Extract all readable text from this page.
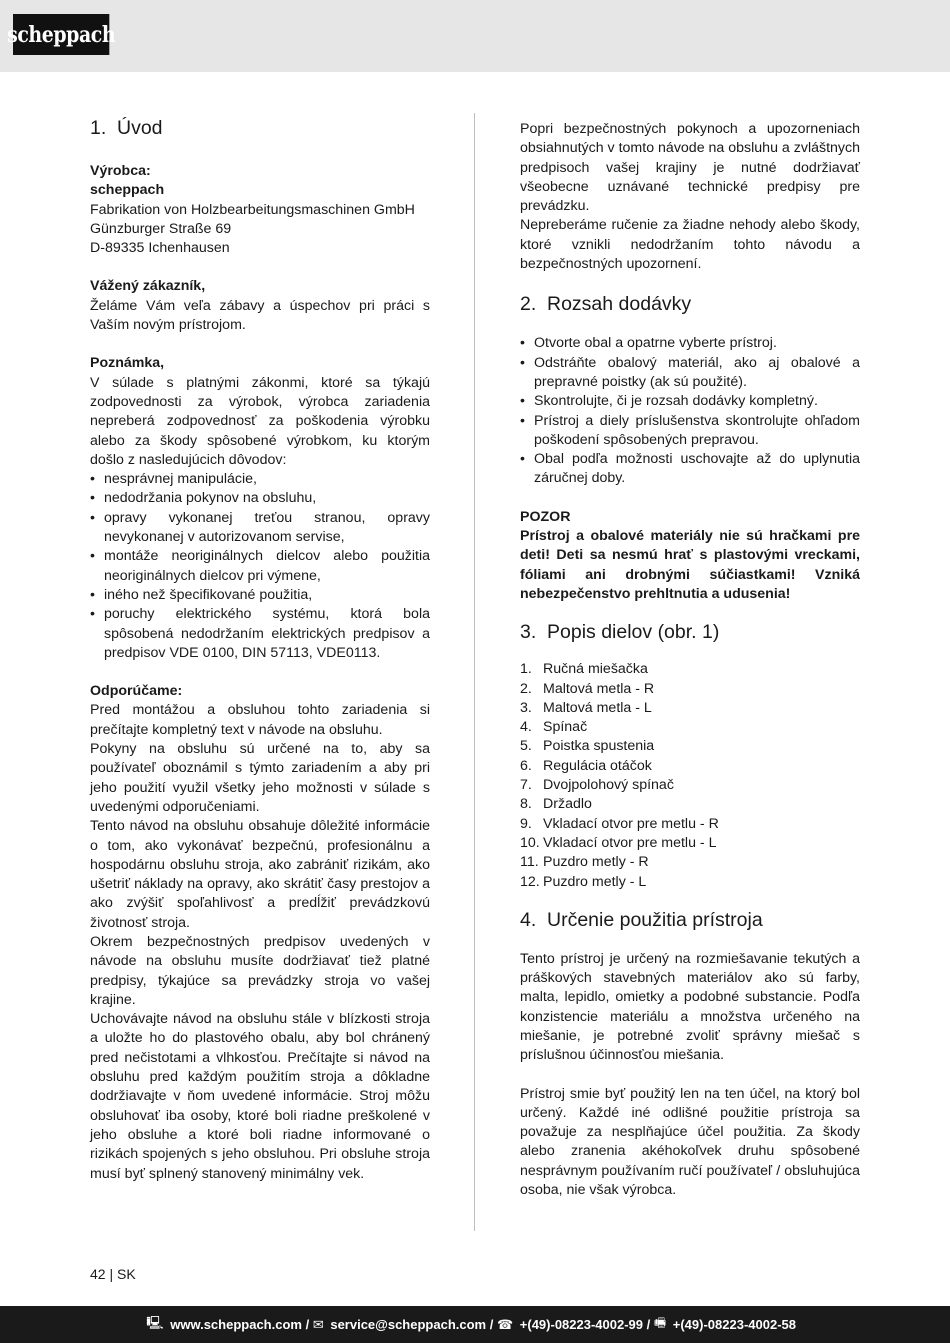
scheppach
1. Úvod

Výrobca:

scheppach

Fabrikation von Holzbearbeitungsmaschinen GmbH

Günzburger Straße 69

D-89335 Ichenhausen

Vážený zákazník,

Želáme Vám veľa zábavy a úspechov pri práci s Vaším novým prístrojom.

Poznámka,

V súlade s platnými zákonmi, ktoré sa týkajú zodpovednosti za výrobok, výrobca zariadenia nepreberá zodpovednosť za poškodenia výrobku alebo za škody spôsobené výrobkom, ku ktorým došlo z nasledujúcich dôvodov:

• nesprávnej manipulácie,
• nedodržania pokynov na obsluhu,
• opravy vykonanej treťou stranou, opravy nevykonanej v autorizovanom servise,
• montáže neoriginálnych dielcov alebo použitia neoriginálnych dielcov pri výmene,
• iného než špecifikované použitia,
• poruchy elektrického systému, ktorá bola spôsobená nedodržaním elektrických predpisov a predpisov VDE 0100, DIN 57113, VDE0113.

Odporúčame:

Pred montážou a obsluhou tohto zariadenia si prečítajte kompletný text v návode na obsluhu.

Pokyny na obsluhu sú určené na to, aby sa používateľ oboznámil s týmto zariadením a aby pri jeho použití využil všetky jeho možnosti v súlade s uvedenými odporučeniami.

Tento návod na obsluhu obsahuje dôležité informácie o tom, ako vykonávať bezpečnú, profesionálnu a hospodárnu obsluhu stroja, ako zabrániť rizikám, ako ušetriť náklady na opravy, ako skrátiť časy prestojov a ako zvýšiť spoľahlivosť a predĺžiť prevádzkovú životnosť stroja.

Okrem bezpečnostných predpisov uvedených v návode na obsluhu musíte dodržiavať tiež platné predpisy, týkajúce sa prevádzky stroja vo vašej krajine.

Uchovávajte návod na obsluhu stále v blízkosti stroja a uložte ho do plastového obalu, aby bol chránený pred nečistotami a vlhkosťou. Prečítajte si návod na obsluhu pred každým použitím stroja a dôkladne dodržiavajte v ňom uvedené informácie. Stroj môžu obsluhovať iba osoby, ktoré boli riadne preškolené v jeho obsluhe a ktoré boli riadne informované o rizikách spojených s jeho obsluhou. Pri obsluhe stroja musí byť splnený stanovený minimálny vek.

Popri bezpečnostných pokynoch a upozorneniach obsiahnutých v tomto návode na obsluhu a zvláštnych predpisoch vašej krajiny je nutné dodržiavať všeobecne uznávané technické predpisy pre prevádzku.

Nepreberáme ručenie za žiadne nehody alebo škody, ktoré vznikli nedodržaním tohto návodu a bezpečnostných upozornení.

2. Rozsah dodávky
• Otvorte obal a opatrne vyberte prístroj.
• Odstráňte obalový materiál, ako aj obalové a prepravné poistky (ak sú použité).
• Skontrolujte, či je rozsah dodávky kompletný.
• Prístroj a diely príslušenstva skontrolujte ohľadom poškodení spôsobených prepravou.
• Obal podľa možnosti uschovajte až do uplynutia záručnej doby.

POZOR

Prístroj a obalové materiály nie sú hračkami pre deti! Deti sa nesmú hrať s plastovými vreckami, fóliami ani drobnými súčiastkami! Vzniká nebezpečenstvo prehltnutia a udusenia!

3. Popis dielov (obr. 1)
1. Ručná miešačka
2. Maltová metla - R
3. Maltová metla - L
4. Spínač
5. Poistka spustenia
6. Regulácia otáčok
7. Dvojpolohový spínač
8. Držadlo
9. Vkladací otvor pre metlu - R
10. Vkladací otvor pre metlu - L
11. Puzdro metly - R
12. Puzdro metly - L
4. Určenie použitia prístroja

Tento prístroj je určený na rozmiešavanie tekutých a práškových stavebných materiálov ako sú farby, malta, lepidlo, omietky a podobné substancie. Podľa konzistencie materiálu a množstva určeného na miešanie, je potrebné zvoliť správny miešač s príslušnou účinnosťou miešania.

Prístroj smie byť použitý len na ten účel, na ktorý bol určený. Každé iné odlišné použitie prístroja sa považuje za nesplňajúce účel použitia. Za škody alebo zranenia akéhokoľvek druhu spôsobené nesprávnym používaním ručí používateľ / obsluhujúca osoba, nie však výrobca.

42 | SK
🖳
www.scheppach.com /
✉
service@scheppach.com /
☎
+(49)-08223-4002-99 /
🖷
+(49)-08223-4002-58
